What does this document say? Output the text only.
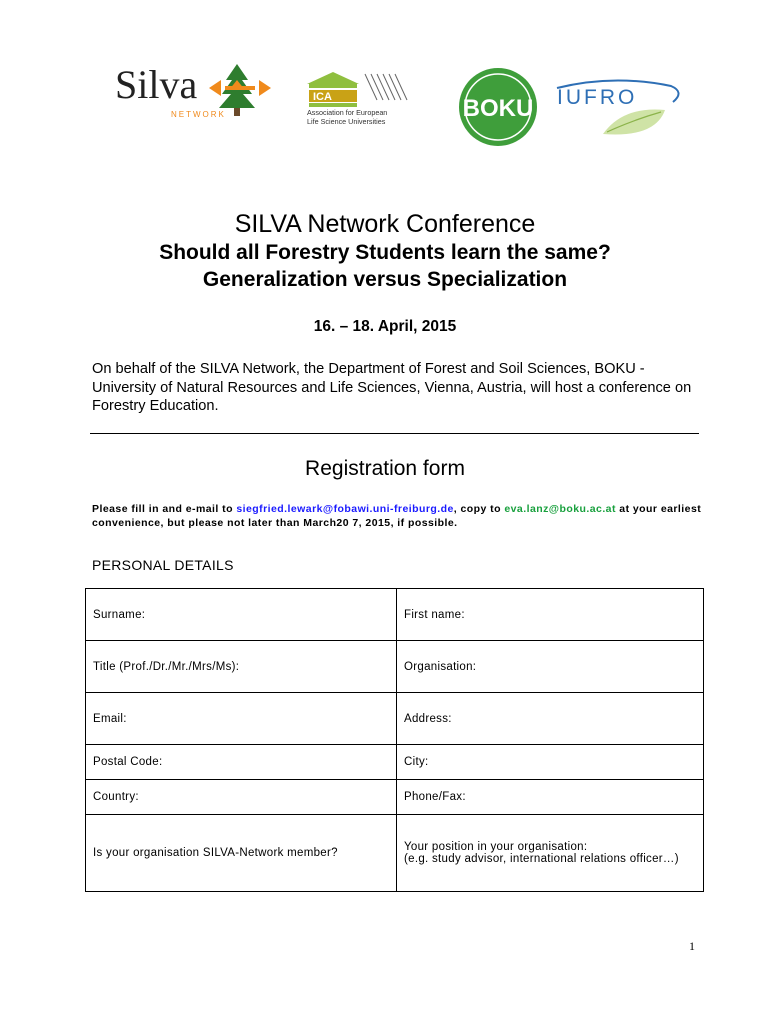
Silva
NETWORK
ICA
Association for European
Life Science Universities	BOKU IUFRO
SILVA Network Conference
Should all Forestry Students learn the same?
Generalization versus Specialization
16. – 18. April, 2015
On behalf of the SILVA Network, the Department of Forest and Soil Sciences, BOKU - University of Natural Resources and Life Sciences, Vienna, Austria, will host a conference on Forestry Education.
Registration form
Please fill in and e-mail to siegfried.lewark@fobawi.uni-freiburg.de, copy to eva.lanz@boku.ac.at at your earliest convenience, but please not later than March20 7, 2015, if possible.
PERSONAL DETAILS
Surname:	First name:
Title (Prof./Dr./Mr./Mrs/Ms):	Organisation:
Email:	Address:
Postal Code:	City:
Country:	Phone/Fax:
Is your organisation SILVA-Network member?	Your position in your organisation:
(e.g. study advisor, international relations officer…)
1
